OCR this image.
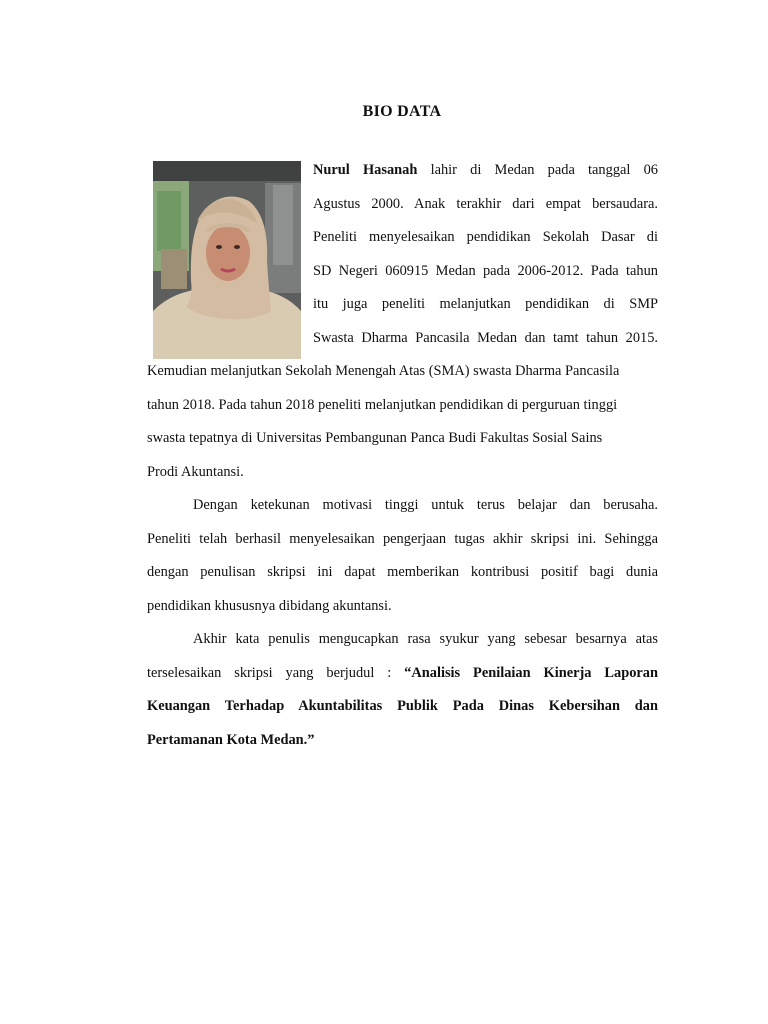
BIO DATA

Nurul Hasanah lahir di Medan pada tanggal 06
Agustus 2000. Anak terakhir dari empat bersaudara.
Peneliti menyelesaikan pendidikan Sekolah Dasar di
SD Negeri 060915 Medan pada 2006-2012. Pada tahun
itu juga peneliti melanjutkan pendidikan di SMP
Swasta Dharma Pancasila Medan dan tamt tahun 2015.

Kemudian melanjutkan Sekolah Menengah Atas (SMA) swasta Dharma Pancasila
tahun 2018. Pada tahun 2018 peneliti melanjutkan pendidikan di perguruan tinggi
swasta tepatnya di Universitas Pembangunan Panca Budi Fakultas Sosial Sains
Prodi Akuntansi.

Dengan ketekunan motivasi tinggi untuk terus belajar dan berusaha.
Peneliti telah berhasil menyelesaikan pengerjaan tugas akhir skripsi ini. Sehingga
dengan penulisan skripsi ini dapat memberikan kontribusi positif bagi dunia
pendidikan khususnya dibidang akuntansi.

Akhir kata penulis mengucapkan rasa syukur yang sebesar besarnya atas
terselesaikan skripsi yang berjudul : “Analisis Penilaian Kinerja Laporan
Keuangan Terhadap Akuntabilitas Publik Pada Dinas Kebersihan dan
Pertamanan Kota Medan.”
